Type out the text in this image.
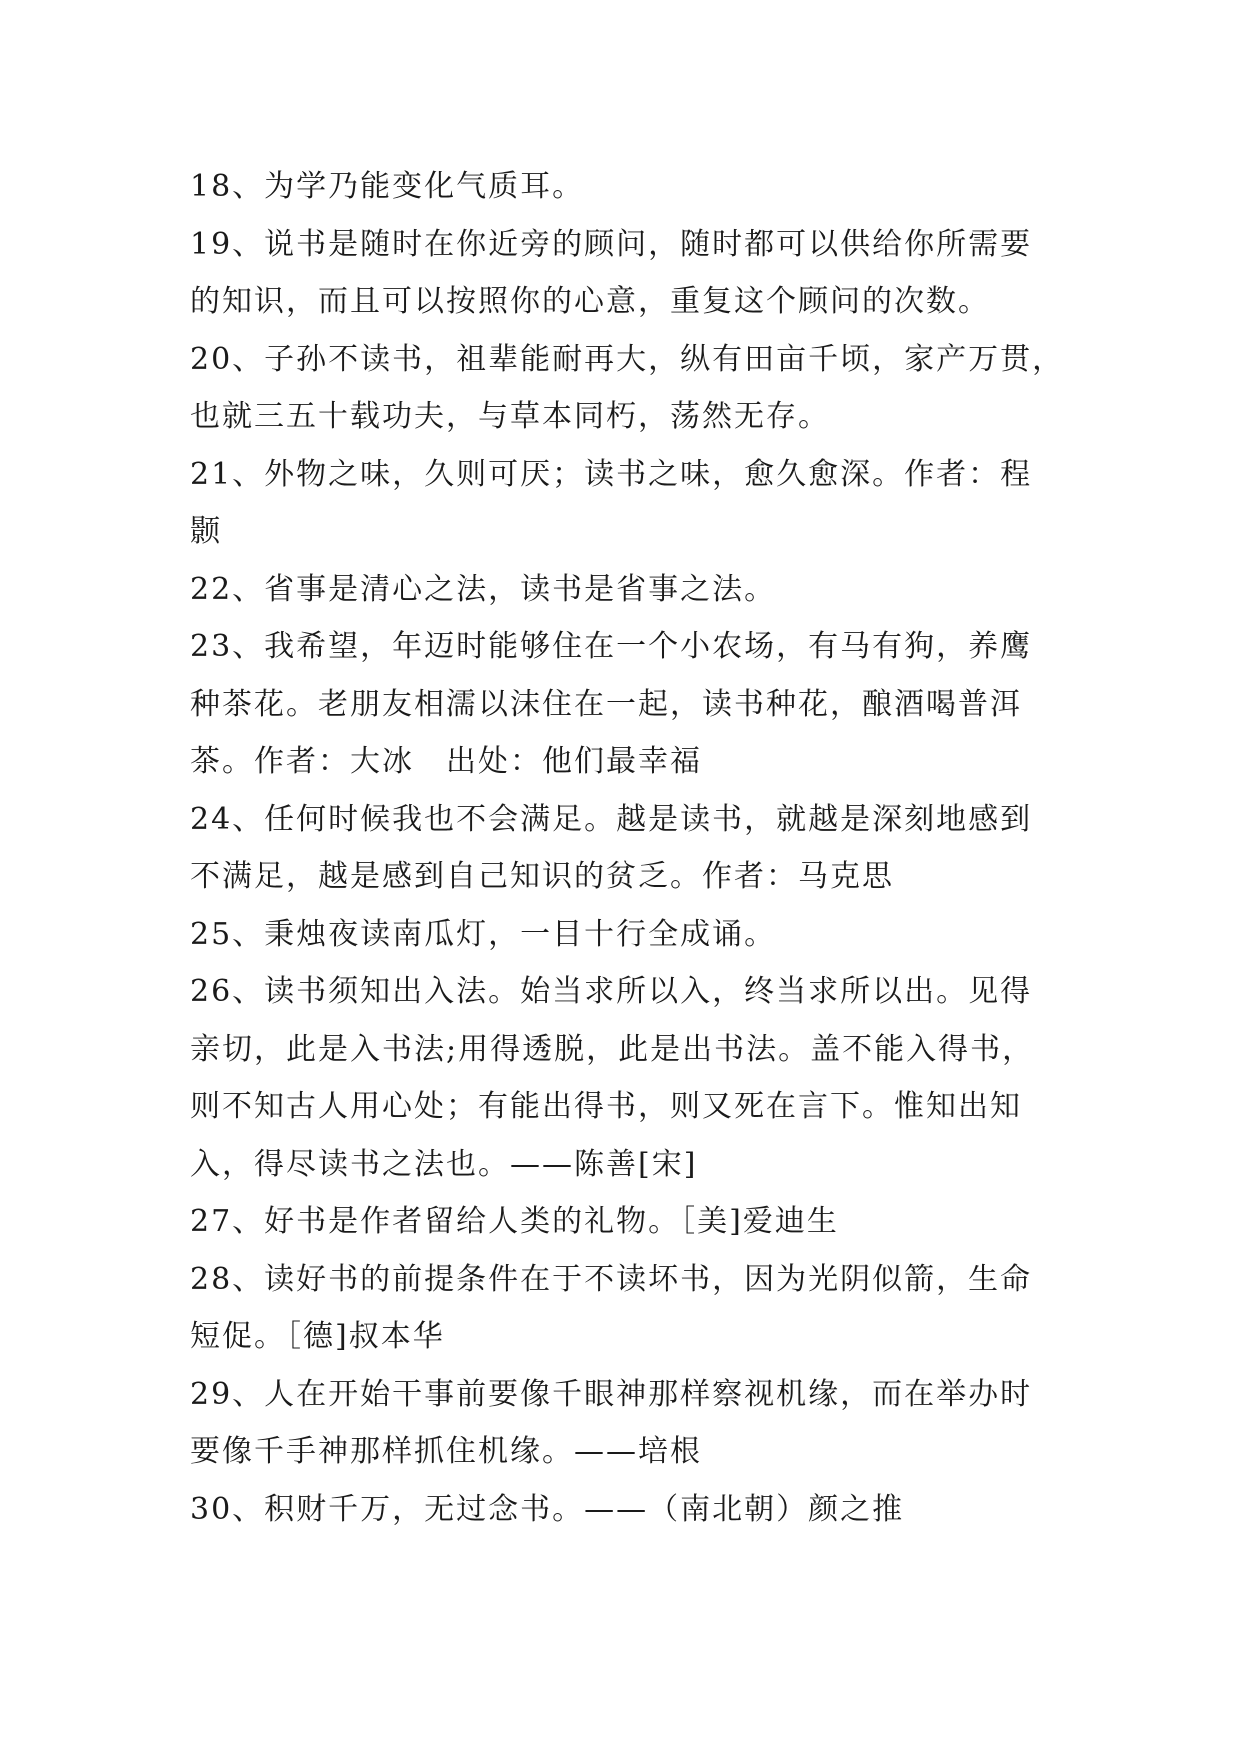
18、为学乃能变化气质耳。
19、说书是随时在你近旁的顾问，随时都可以供给你所需要
的知识，而且可以按照你的心意，重复这个顾问的次数。
20、子孙不读书，祖辈能耐再大，纵有田亩千顷，家产万贯，
也就三五十载功夫，与草本同朽，荡然无存。
21、外物之味，久则可厌；读书之味，愈久愈深。作者：程
颢
22、省事是清心之法，读书是省事之法。
23、我希望，年迈时能够住在一个小农场，有马有狗，养鹰
种茶花。老朋友相濡以沫住在一起，读书种花，酿酒喝普洱
茶。作者：大冰　出处：他们最幸福
24、任何时候我也不会满足。越是读书，就越是深刻地感到
不满足，越是感到自己知识的贫乏。作者：马克思
25、秉烛夜读南瓜灯，一目十行全成诵。
26、读书须知出入法。始当求所以入，终当求所以出。见得
亲切，此是入书法;用得透脱，此是出书法。盖不能入得书，
则不知古人用心处；有能出得书，则又死在言下。惟知出知
入，得尽读书之法也。——陈善[宋]
27、好书是作者留给人类的礼物。［美]爱迪生
28、读好书的前提条件在于不读坏书，因为光阴似箭，生命
短促。［德]叔本华
29、人在开始干事前要像千眼神那样察视机缘，而在举办时
要像千手神那样抓住机缘。——培根
30、积财千万，无过念书。——（南北朝）颜之推
